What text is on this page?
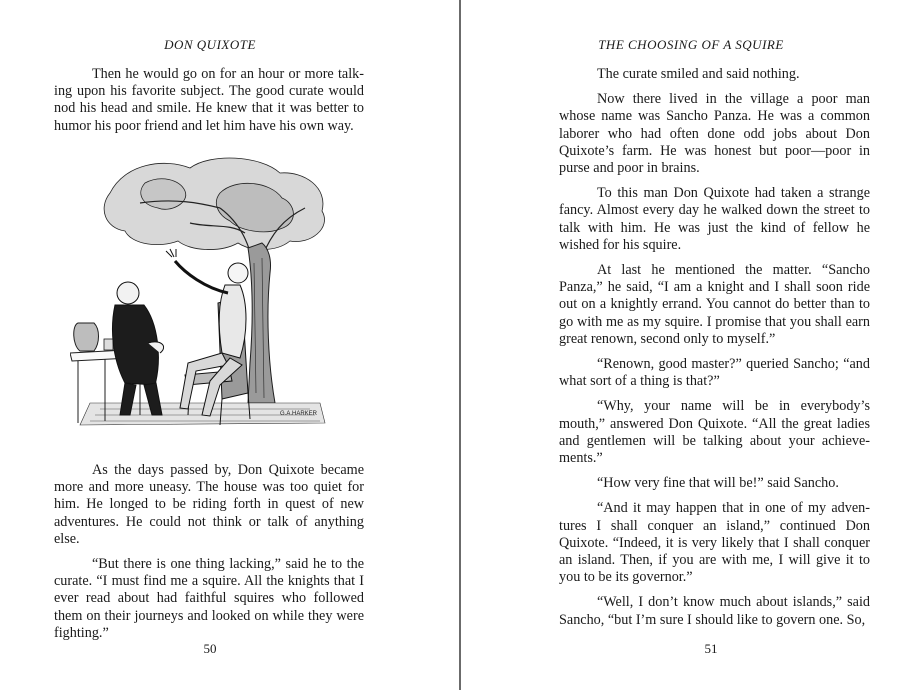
DON QUIXOTE

Then he would go on for an hour or more talking upon his favorite subject. The good curate would nod his head and smile. He knew that it was better to humor his poor friend and let him have his own way.

G.A.HARKER

As the days passed by, Don Quixote became more and more uneasy. The house was too quiet for him. He longed to be riding forth in quest of new adventures. He could not think or talk of anything else.

“But there is one thing lacking,” said he to the curate. “I must find me a squire. All the knights that I ever read about had faithful squires who followed them on their journeys and looked on while they were fighting.”

50
THE CHOOSING OF A SQUIRE

The curate smiled and said nothing.

Now there lived in the village a poor man whose name was Sancho Panza. He was a common laborer who had often done odd jobs about Don Quixote’s farm. He was honest but poor—poor in purse and poor in brains.

To this man Don Quixote had taken a strange fancy. Almost every day he walked down the street to talk with him. He was just the kind of fellow he wished for his squire.

At last he mentioned the matter. “Sancho Panza,” he said, “I am a knight and I shall soon ride out on a knightly errand. You cannot do better than to go with me as my squire. I promise that you shall earn great renown, second only to myself.”

“Renown, good master?” queried Sancho; “and what sort of a thing is that?”

“Why, your name will be in everybody’s mouth,” answered Don Quixote. “All the great ladies and gentlemen will be talking about your achievements.”

“How very fine that will be!” said Sancho.

“And it may happen that in one of my adventures I shall conquer an island,” continued Don Quixote. “Indeed, it is very likely that I shall conquer an island. Then, if you are with me, I will give it to you to be its governor.”

“Well, I don’t know much about islands,” said Sancho, “but I’m sure I should like to govern one. So,

51
